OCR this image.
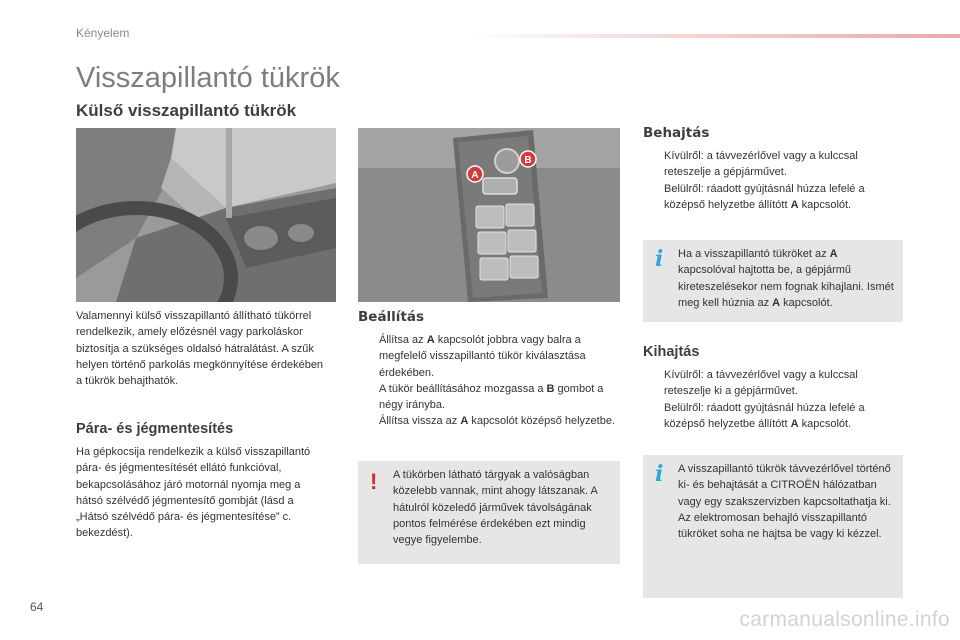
Kényelem
Visszapillantó tükrök
Külső visszapillantó tükrök
A
B

Valamennyi külső visszapillantó állítható tükörrel rendelkezik, amely előzésnél vagy parkoláskor biztosítja a szükséges oldalsó hátralátást. A szűk helyen történő parkolás megkönnyítése érdekében a tükrök behajthatók.

Pára- és jégmentesítés

Ha gépkocsija rendelkezik a külső visszapillantó pára- és jégmentesítését ellátó funkcióval, bekapcsolásához járó motornál nyomja meg a hátsó szélvédő jégmentesítő gombját (lásd a „Hátsó szélvédő pára- és jégmentesítése” c. bekezdést).

Beállítás
Állítsa az A kapcsolót jobbra vagy balra a megfelelő visszapillantó tükör kiválasztása érdekében.
A tükör beállításához mozgassa a B gombot a négy irányba.
Állítsa vissza az A kapcsolót középső helyzetbe.
! A tükörben látható tárgyak a valóságban közelebb vannak, mint ahogy látszanak. A hátulról közeledő járművek távolságának pontos felmérése érdekében ezt mindig vegye figyelembe.

Behajtás
Kívülről: a távvezérlővel vagy a kulccsal reteszelje a gépjárművet.
Belülről: ráadott gyújtásnál húzza lefelé a középső helyzetbe állítótt A kapcsolót.
i Ha a visszapillantó tükröket az A kapcsolóval hajtotta be, a gépjármű kireteszelésekor nem fognak kihajlani. Ismét meg kell húznia az A kapcsolót.

Kihajtás
Kívülről: a távvezérlővel vagy a kulccsal reteszelje ki a gépjárművet.
Belülről: ráadott gyújtásnál húzza lefelé a középső helyzetbe állítótt A kapcsolót.
i A visszapillantó tükrök távvezérlővel történő ki- és behajtását a CITROËN hálózatban vagy egy szakszervizben kapcsoltathatja ki.
Az elektromosan behajló visszapillantó tükröket soha ne hajtsa be vagy ki kézzel.

64
carmanualsonline.info
